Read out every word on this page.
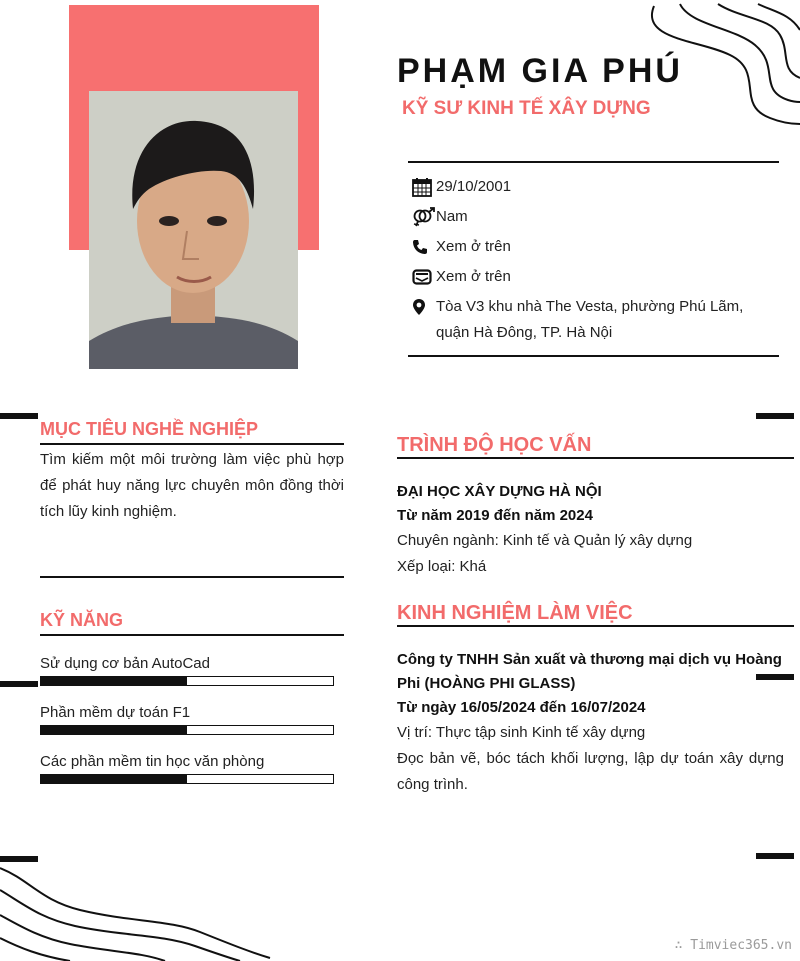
PHẠM GIA PHÚ
KỸ SƯ KINH TẾ XÂY DỰNG
29/10/2001
Nam
Xem ở trên
Xem ở trên
Tòa V3 khu nhà The Vesta, phường Phú Lãm, quận Hà Đông, TP. Hà Nội
MỤC TIÊU NGHỀ NGHIỆP
Tìm kiếm một môi trường làm việc phù hợp để phát huy năng lực chuyên môn đồng thời tích lũy kinh nghiệm.
KỸ NĂNG
Sử dụng cơ bản AutoCad
Phần mềm dự toán F1
Các phần mềm tin học văn phòng
TRÌNH ĐỘ HỌC VẤN
ĐẠI HỌC XÂY DỰNG HÀ NỘI
Từ năm 2019 đến năm 2024
Chuyên ngành: Kinh tế và Quản lý xây dựng
Xếp loại: Khá
KINH NGHIỆM LÀM VIỆC
Công ty TNHH Sản xuất và thương mại dịch vụ Hoàng Phi (HOÀNG PHI GLASS)
Từ ngày 16/05/2024 đến 16/07/2024
Vị trí: Thực tập sinh Kinh tế xây dựng
Đọc bản vẽ, bóc tách khối lượng, lập dự toán xây dựng công trình.
∴ Timviec365.vn
